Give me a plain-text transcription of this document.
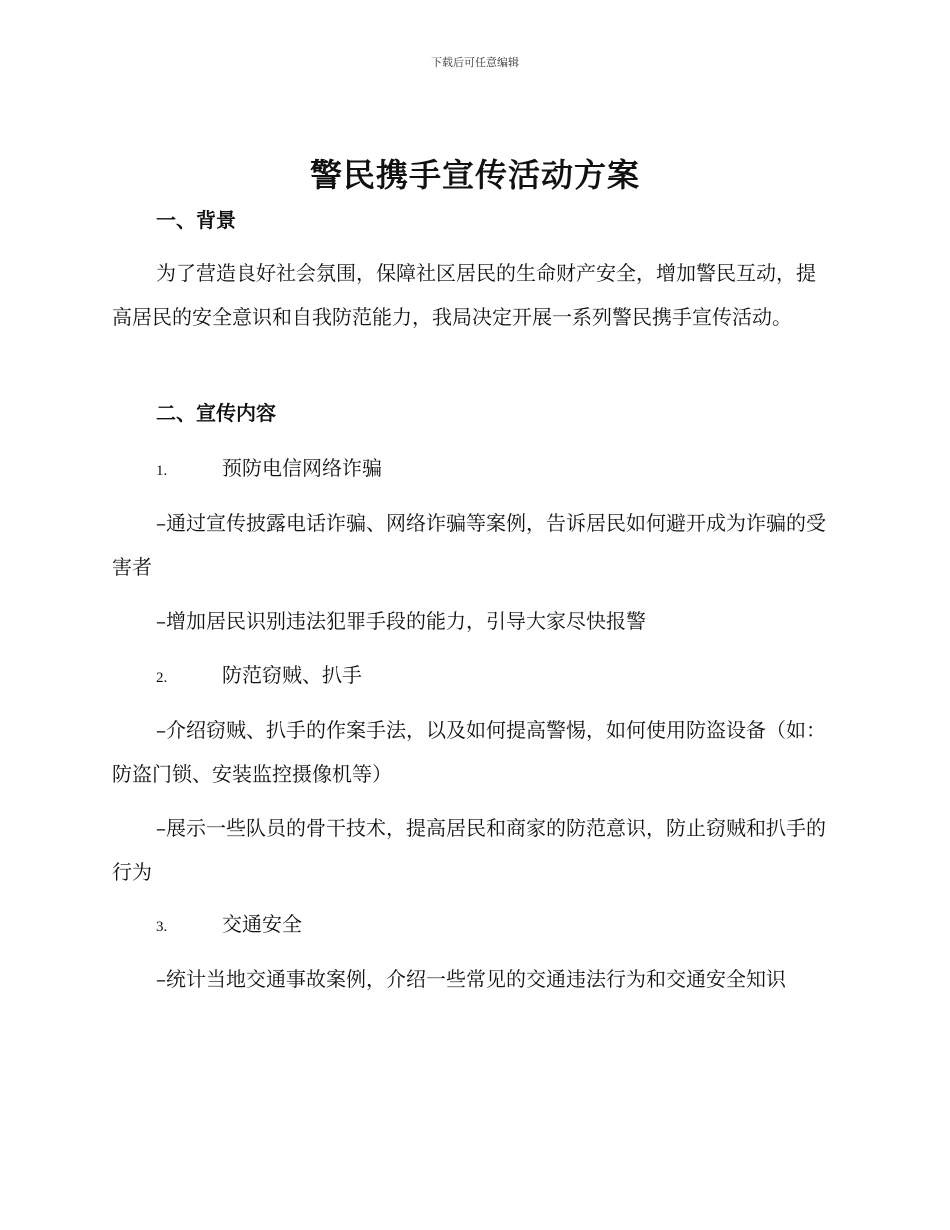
下载后可任意编辑
警民携手宣传活动方案
一、背景
为了营造良好社会氛围，保障社区居民的生命财产安全，增加警民互动，提高居民的安全意识和自我防范能力，我局决定开展一系列警民携手宣传活动。
二、宣传内容
1.	预防电信网络诈骗
–通过宣传披露电话诈骗、网络诈骗等案例，告诉居民如何避开成为诈骗的受害者
–增加居民识别违法犯罪手段的能力，引导大家尽快报警
2.	防范窃贼、扒手
–介绍窃贼、扒手的作案手法，以及如何提高警惕，如何使用防盗设备（如：防盗门锁、安装监控摄像机等）
–展示一些队员的骨干技术，提高居民和商家的防范意识，防止窃贼和扒手的行为
3.	交通安全
–统计当地交通事故案例，介绍一些常见的交通违法行为和交通安全知识
